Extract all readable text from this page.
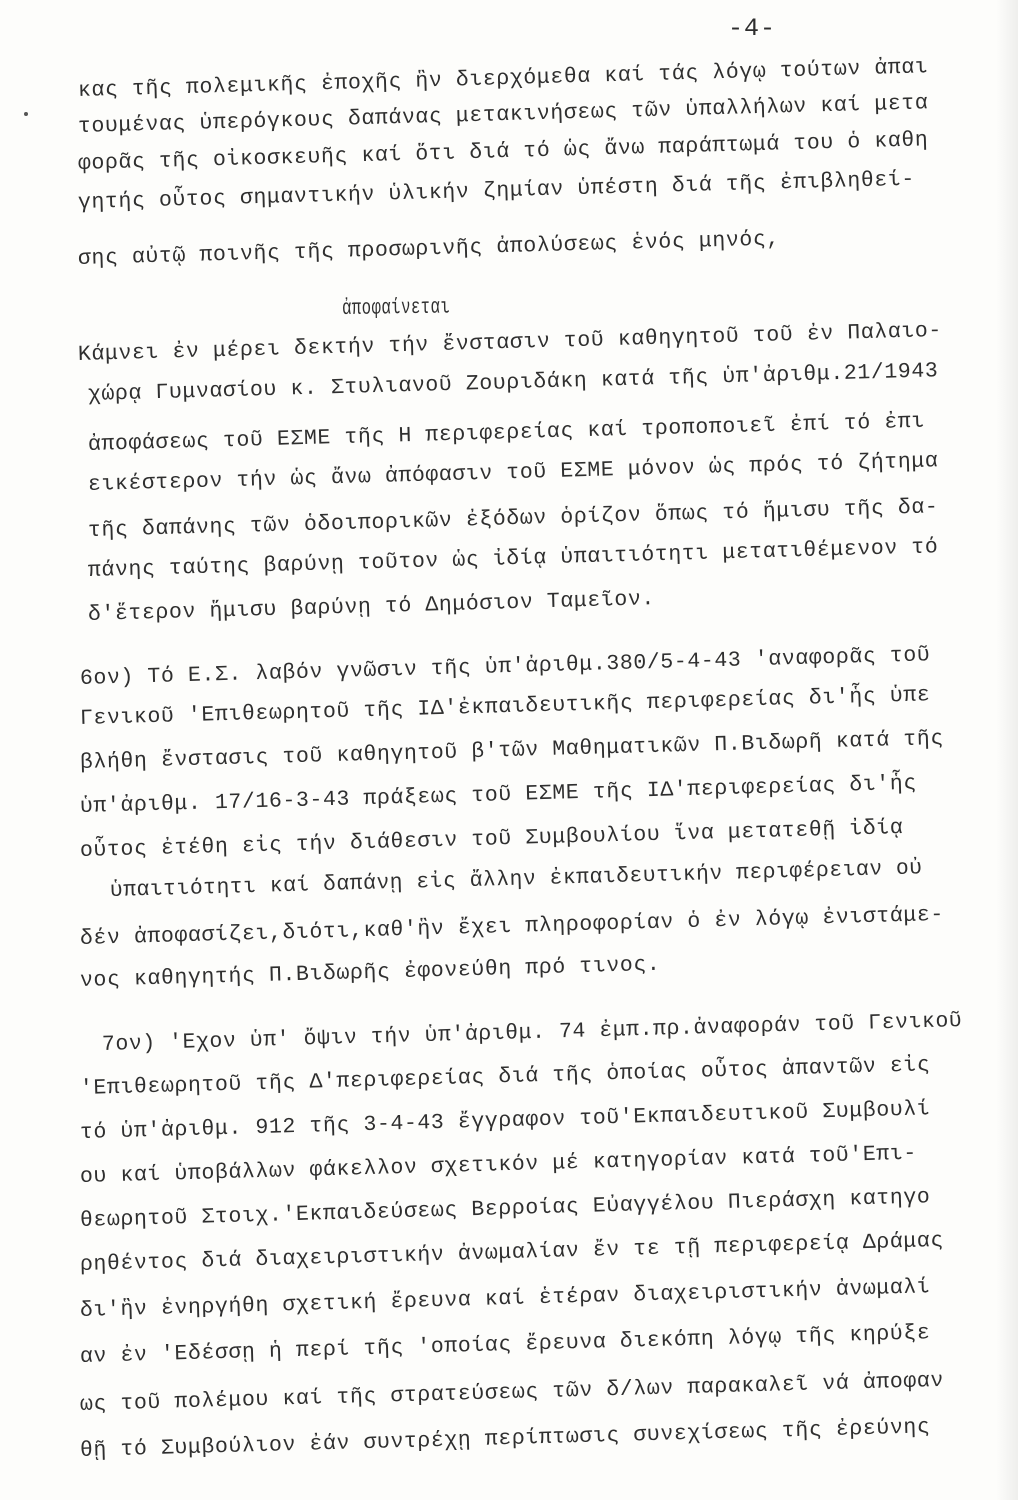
-4-
κας τῆς πολεμικῆς ἐποχῆς ἣν διερχόμεθα καί τάς λόγῳ τούτων ἀπαι
τουμένας ὑπερόγκους δαπάνας μετακινήσεως τῶν ὑπαλλήλων καί μετα
φορᾶς τῆς οἰκοσκευῆς καί ὅτι διά τό ὡς ἄνω παράπτωμά του ὁ καθη
γητής οὗτος σημαντικήν ὑλικήν ζημίαν ὑπέστη διά τῆς ἐπιβληθεί-
σης αὐτῷ ποινῆς τῆς προσωρινῆς ἀπολύσεως ἑνός μηνός,
ἀποφαίνεται
Κάμνει ἐν μέρει δεκτήν τήν ἔνστασιν τοῦ καθηγητοῦ τοῦ ἐν Παλαιο-
χώρᾳ Γυμνασίου κ. Στυλιανοῦ Ζουριδάκη κατά τῆς ὑπ'ἀριθμ.21/1943
ἀποφάσεως τοῦ ΕΣΜΕ τῆς Η περιφερείας καί τροποποιεῖ ἐπί τό ἐπι
εικέστερον τήν ὡς ἄνω ἀπόφασιν τοῦ ΕΣΜΕ μόνον ὡς πρός τό ζήτημα
τῆς δαπάνης τῶν ὁδοιπορικῶν ἐξόδων ὁρίζον ὅπως τό ἥμισυ τῆς δα-
πάνης ταύτης βαρύνῃ τοῦτον ὡς ἰδίᾳ ὑπαιτιότητι μετατιθέμενον τό
δ'ἕτερον ἥμισυ βαρύνῃ τό Δημόσιον Ταμεῖον.
6ον) Τό Ε.Σ. λαβόν γνῶσιν τῆς ὑπ'ἀριθμ.380/5-4-43 'αναφορᾶς τοῦ
Γενικοῦ 'Επιθεωρητοῦ τῆς ΙΔ'ἐκπαιδευτικῆς περιφερείας δι'ἧς ὑπε
βλήθη ἔνστασις τοῦ καθηγητοῦ β'τῶν Μαθηματικῶν Π.Βιδωρῆ κατά τῆς
ὑπ'ἀριθμ. 17/16-3-43 πράξεως τοῦ ΕΣΜΕ τῆς ΙΔ'περιφερείας δι'ἧς
οὗτος ἐτέθη εἰς τήν διάθεσιν τοῦ Συμβουλίου ἵνα μετατεθῇ ἰδίᾳ
ὑπαιτιότητι καί δαπάνῃ εἰς ἄλλην ἐκπαιδευτικήν περιφέρειαν οὐ
δέν ἀποφασίζει,διότι,καθ'ἣν ἔχει πληροφορίαν ὁ ἐν λόγῳ ἐνιστάμε-
νος καθηγητής Π.Βιδωρῆς ἐφονεύθη πρό τινος.
7ον) 'Εχον ὑπ' ὄψιν τήν ὑπ'ἀριθμ. 74 ἐμπ.πρ.ἀναφοράν τοῦ Γενικοῦ
'Επιθεωρητοῦ τῆς Δ'περιφερείας διά τῆς ὁποίας οὗτος ἀπαντῶν εἰς
τό ὑπ'ἀριθμ. 912 τῆς 3-4-43 ἔγγραφον τοῦ'Εκπαιδευτικοῦ Συμβουλί
ου καί ὑποβάλλων φάκελλον σχετικόν μέ κατηγορίαν κατά τοῦ'Επι-
θεωρητοῦ Στοιχ.'Εκπαιδεύσεως Βερροίας Εὐαγγέλου Πιεράσχη κατηγο
ρηθέντος διά διαχειριστικήν ἀνωμαλίαν ἔν τε τῇ περιφερείᾳ Δράμας
δι'ἣν ἐνηργήθη σχετική ἔρευνα καί ἑτέραν διαχειριστικήν ἀνωμαλί
αν ἐν 'Εδέσσῃ ἡ περί τῆς 'οποίας ἔρευνα διεκόπη λόγῳ τῆς κηρύξε
ως τοῦ πολέμου καί τῆς στρατεύσεως τῶν δ/λων παρακαλεῖ νά ἀποφαν
θῇ τό Συμβούλιον ἐάν συντρέχῃ περίπτωσις συνεχίσεως τῆς ἐρεύνης
